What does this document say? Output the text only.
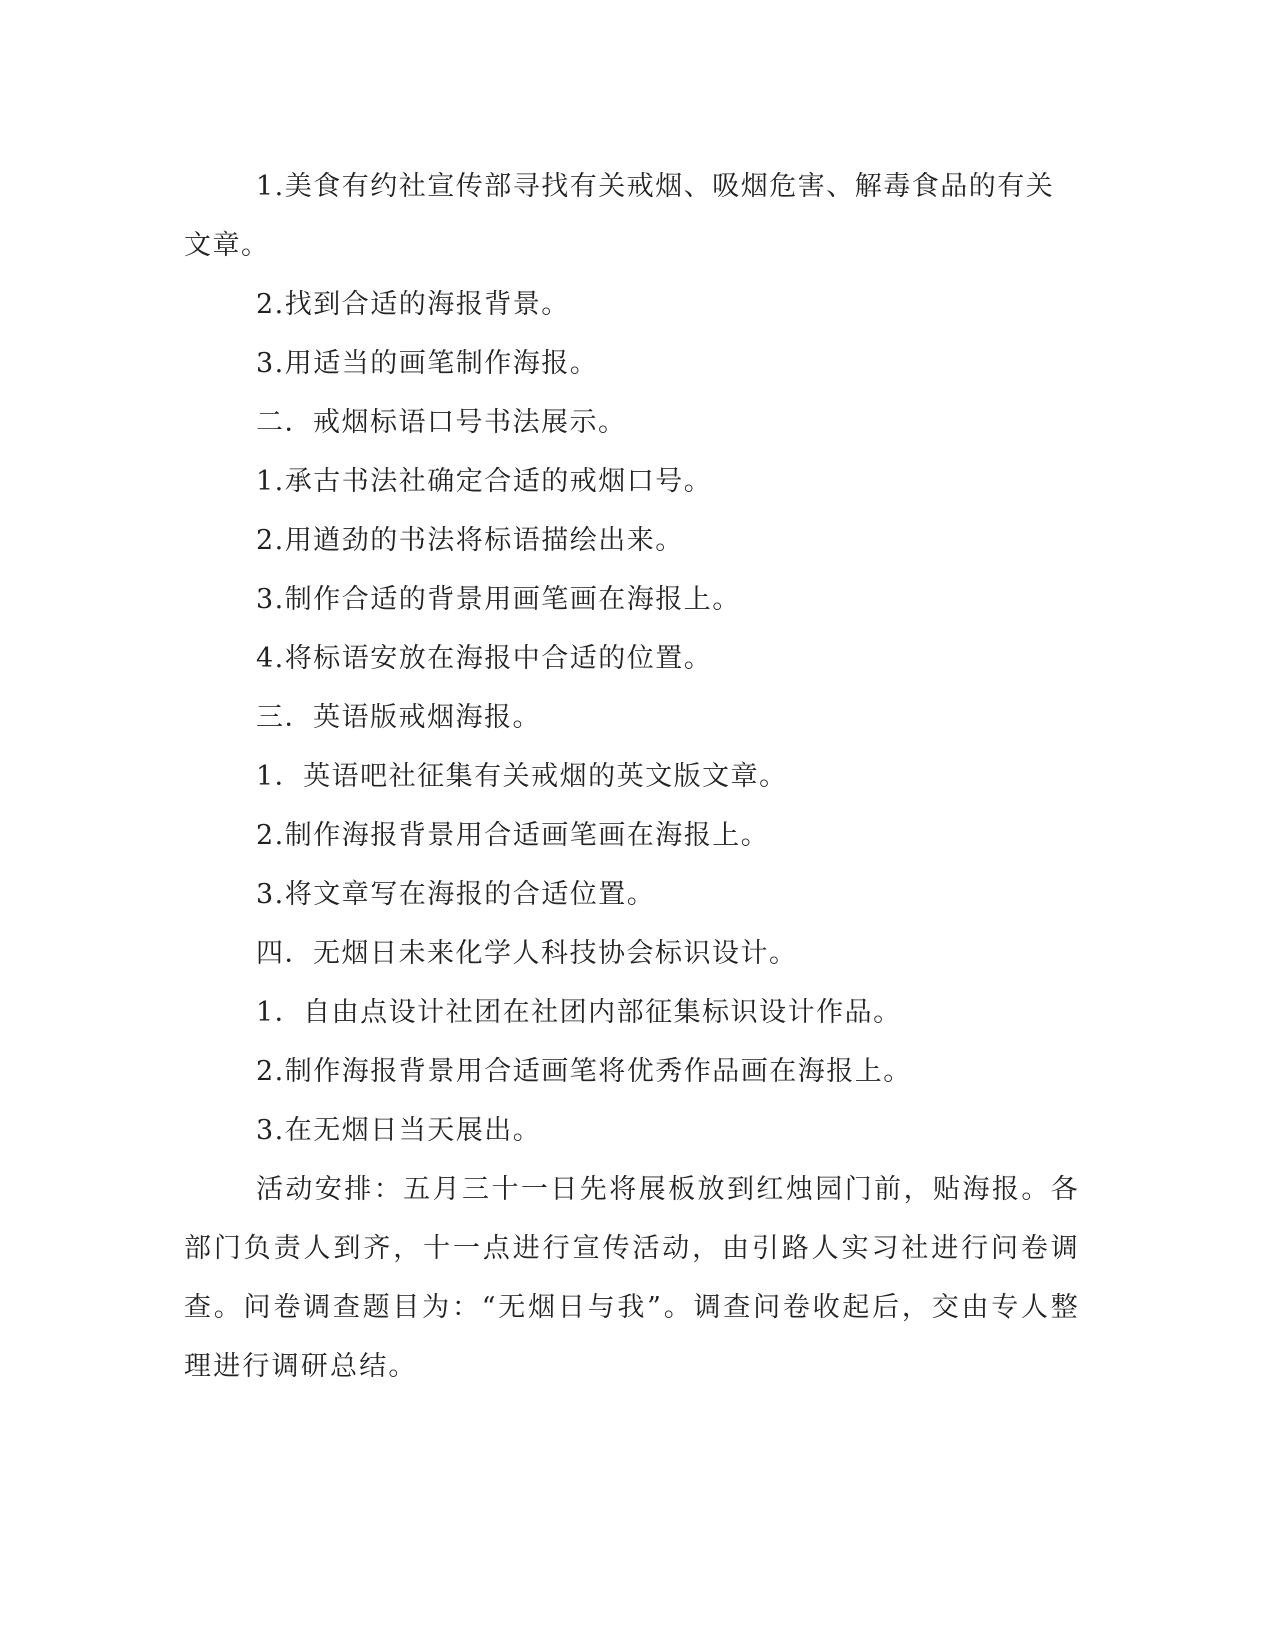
1.美食有约社宣传部寻找有关戒烟、吸烟危害、解毒食品的有关文章。

2.找到合适的海报背景。

3.用适当的画笔制作海报。

二．戒烟标语口号书法展示。

1.承古书法社确定合适的戒烟口号。

2.用遒劲的书法将标语描绘出来。

3.制作合适的背景用画笔画在海报上。

4.将标语安放在海报中合适的位置。

三．英语版戒烟海报。

1．英语吧社征集有关戒烟的英文版文章。

2.制作海报背景用合适画笔画在海报上。

3.将文章写在海报的合适位置。

四．无烟日未来化学人科技协会标识设计。

1．自由点设计社团在社团内部征集标识设计作品。

2.制作海报背景用合适画笔将优秀作品画在海报上。

3.在无烟日当天展出。

活动安排：五月三十一日先将展板放到红烛园门前，贴海报。各部门负责人到齐，十一点进行宣传活动，由引路人实习社进行问卷调查。问卷调查题目为：“无烟日与我”。调查问卷收起后，交由专人整理进行调研总结。
